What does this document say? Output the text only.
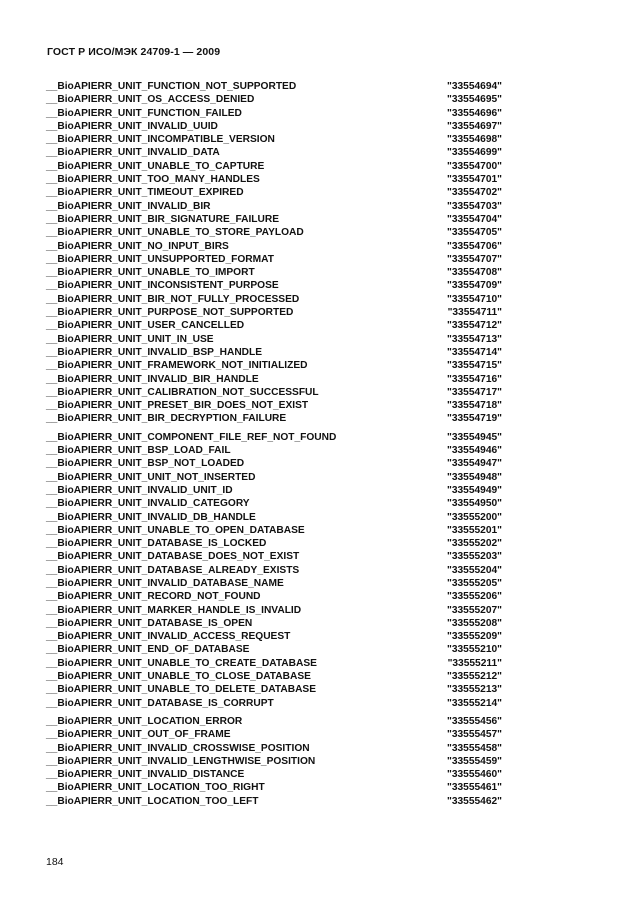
ГОСТ Р ИСО/МЭК 24709-1 — 2009
__BioAPIERR_UNIT_FUNCTION_NOT_SUPPORTED	"33554694"
__BioAPIERR_UNIT_OS_ACCESS_DENIED	"33554695"
__BioAPIERR_UNIT_FUNCTION_FAILED	"33554696"
__BioAPIERR_UNIT_INVALID_UUID	"33554697"
__BioAPIERR_UNIT_INCOMPATIBLE_VERSION	"33554698"
__BioAPIERR_UNIT_INVALID_DATA	"33554699"
__BioAPIERR_UNIT_UNABLE_TO_CAPTURE	"33554700"
__BioAPIERR_UNIT_TOO_MANY_HANDLES	"33554701"
__BioAPIERR_UNIT_TIMEOUT_EXPIRED	"33554702"
__BioAPIERR_UNIT_INVALID_BIR	"33554703"
__BioAPIERR_UNIT_BIR_SIGNATURE_FAILURE	"33554704"
__BioAPIERR_UNIT_UNABLE_TO_STORE_PAYLOAD	"33554705"
__BioAPIERR_UNIT_NO_INPUT_BIRS	"33554706"
__BioAPIERR_UNIT_UNSUPPORTED_FORMAT	"33554707"
__BioAPIERR_UNIT_UNABLE_TO_IMPORT	"33554708"
__BioAPIERR_UNIT_INCONSISTENT_PURPOSE	"33554709"
__BioAPIERR_UNIT_BIR_NOT_FULLY_PROCESSED	"33554710"
__BioAPIERR_UNIT_PURPOSE_NOT_SUPPORTED	"33554711"
__BioAPIERR_UNIT_USER_CANCELLED	"33554712"
__BioAPIERR_UNIT_UNIT_IN_USE	"33554713"
__BioAPIERR_UNIT_INVALID_BSP_HANDLE	"33554714"
__BioAPIERR_UNIT_FRAMEWORK_NOT_INITIALIZED	"33554715"
__BioAPIERR_UNIT_INVALID_BIR_HANDLE	"33554716"
__BioAPIERR_UNIT_CALIBRATION_NOT_SUCCESSFUL	"33554717"
__BioAPIERR_UNIT_PRESET_BIR_DOES_NOT_EXIST	"33554718"
__BioAPIERR_UNIT_BIR_DECRYPTION_FAILURE	"33554719"
__BioAPIERR_UNIT_COMPONENT_FILE_REF_NOT_FOUND	"33554945"
__BioAPIERR_UNIT_BSP_LOAD_FAIL	"33554946"
__BioAPIERR_UNIT_BSP_NOT_LOADED	"33554947"
__BioAPIERR_UNIT_UNIT_NOT_INSERTED	"33554948"
__BioAPIERR_UNIT_INVALID_UNIT_ID	"33554949"
__BioAPIERR_UNIT_INVALID_CATEGORY	"33554950"
__BioAPIERR_UNIT_INVALID_DB_HANDLE	"33555200"
__BioAPIERR_UNIT_UNABLE_TO_OPEN_DATABASE	"33555201"
__BioAPIERR_UNIT_DATABASE_IS_LOCKED	"33555202"
__BioAPIERR_UNIT_DATABASE_DOES_NOT_EXIST	"33555203"
__BioAPIERR_UNIT_DATABASE_ALREADY_EXISTS	"33555204"
__BioAPIERR_UNIT_INVALID_DATABASE_NAME	"33555205"
__BioAPIERR_UNIT_RECORD_NOT_FOUND	"33555206"
__BioAPIERR_UNIT_MARKER_HANDLE_IS_INVALID	"33555207"
__BioAPIERR_UNIT_DATABASE_IS_OPEN	"33555208"
__BioAPIERR_UNIT_INVALID_ACCESS_REQUEST	"33555209"
__BioAPIERR_UNIT_END_OF_DATABASE	"33555210"
__BioAPIERR_UNIT_UNABLE_TO_CREATE_DATABASE	"33555211"
__BioAPIERR_UNIT_UNABLE_TO_CLOSE_DATABASE	"33555212"
__BioAPIERR_UNIT_UNABLE_TO_DELETE_DATABASE	"33555213"
__BioAPIERR_UNIT_DATABASE_IS_CORRUPT	"33555214"
__BioAPIERR_UNIT_LOCATION_ERROR	"33555456"
__BioAPIERR_UNIT_OUT_OF_FRAME	"33555457"
__BioAPIERR_UNIT_INVALID_CROSSWISE_POSITION	"33555458"
__BioAPIERR_UNIT_INVALID_LENGTHWISE_POSITION	"33555459"
__BioAPIERR_UNIT_INVALID_DISTANCE	"33555460"
__BioAPIERR_UNIT_LOCATION_TOO_RIGHT	"33555461"
__BioAPIERR_UNIT_LOCATION_TOO_LEFT	"33555462"
184
